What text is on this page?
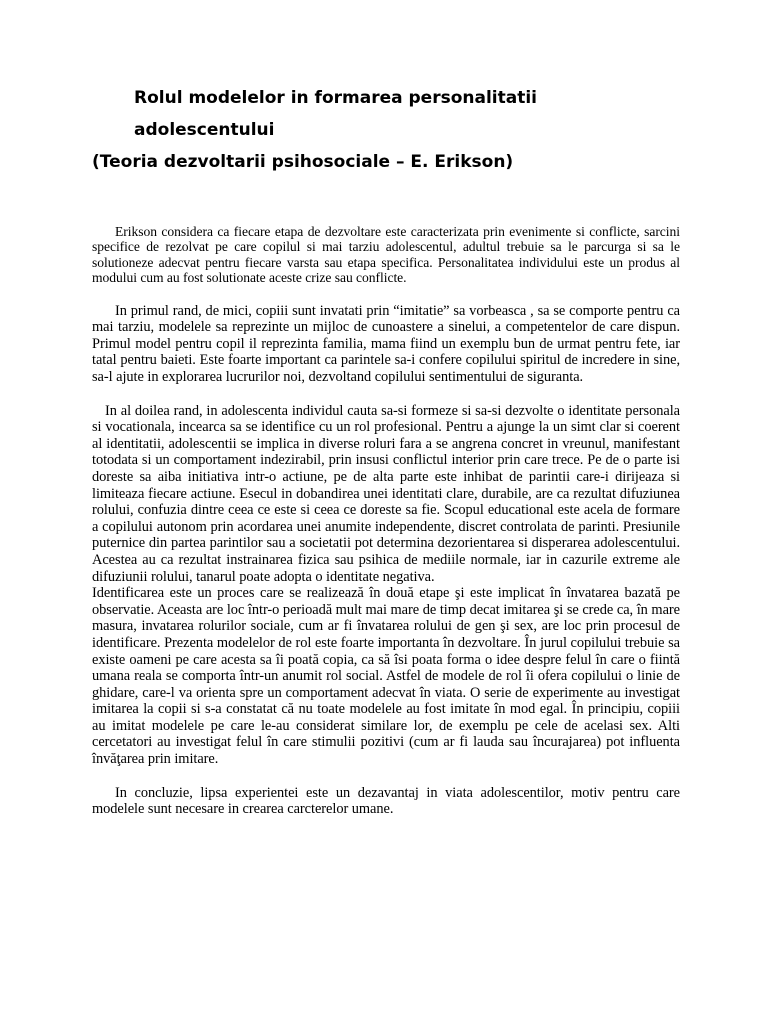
Rolul modelelor in formarea personalitatii adolescentului
(Teoria dezvoltarii psihosociale – E. Erikson)

Erikson considera ca fiecare etapa de dezvoltare este caracterizata prin evenimente si conflicte, sarcini specifice de rezolvat pe care copilul si mai tarziu adolescentul, adultul trebuie sa le parcurga si sa le solutioneze adecvat pentru fiecare varsta sau etapa specifica. Personalitatea individului este un produs al modului cum au fost solutionate aceste crize sau conflicte.

In primul rand, de mici, copiii sunt invatati prin “imitatie” sa vorbeasca , sa se comporte pentru ca mai tarziu, modelele sa reprezinte un mijloc de cunoastere a sinelui, a competentelor de care dispun. Primul model pentru copil il reprezinta familia, mama fiind un exemplu bun de urmat pentru fete, iar tatal pentru baieti. Este foarte important ca parintele sa-i confere copilului spiritul de incredere in sine, sa-l ajute in explorarea lucrurilor noi, dezvoltand copilului sentimentului de siguranta.

In al doilea rand, in adolescenta individul cauta sa-si formeze si sa-si dezvolte o identitate personala si vocationala, incearca sa se identifice cu un rol profesional. Pentru a ajunge la un simt clar si coerent al identitatii, adolescentii se implica in diverse roluri fara a se angrena concret in vreunul, manifestant totodata si un comportament indezirabil, prin insusi conflictul interior prin care trece. Pe de o parte isi doreste sa aiba initiativa intr-o actiune, pe de alta parte este inhibat de parintii care-i dirijeaza si limiteaza fiecare actiune. Esecul in dobandirea unei identitati clare, durabile, are ca rezultat difuziunea rolului, confuzia dintre ceea ce este si ceea ce doreste sa fie. Scopul educational este acela de formare a copilului autonom prin acordarea unei anumite independente, discret controlata de parinti. Presiunile puternice din partea parintilor sau a societatii pot determina dezorientarea si disperarea adolescentului. Acestea au ca rezultat instrainarea fizica sau psihica de mediile normale, iar in cazurile extreme ale difuziunii rolului, tanarul poate adopta o identitate negativa.

Identificarea este un proces care se realizează în două etape şi este implicat în învatarea bazată pe observatie. Aceasta are loc într-o perioadă mult mai mare de timp decat imitarea şi se crede ca, în mare masura, invatarea rolurilor sociale, cum ar fi învatarea rolului de gen şi sex, are loc prin procesul de identificare. Prezenta modelelor de rol este foarte importanta în dezvoltare. În jurul copilului trebuie sa existe oameni pe care acesta sa îi poată copia, ca să îsi poata forma o idee despre felul în care o fiintă umana reala se comporta într-un anumit rol social. Astfel de modele de rol îi ofera copilului o linie de ghidare, care-l va orienta spre un comportament adecvat în viata. O serie de experimente au investigat imitarea la copii si s-a constatat că nu toate modelele au fost imitate în mod egal. În principiu, copiii au imitat modelele pe care le-au considerat similare lor, de exemplu pe cele de acelasi sex. Alti cercetatori au investigat felul în care stimulii pozitivi (cum ar fi lauda sau încurajarea) pot influenta învăţarea prin imitare.

In concluzie, lipsa experientei este un dezavantaj in viata adolescentilor, motiv pentru care modelele sunt necesare in crearea carcterelor umane.
